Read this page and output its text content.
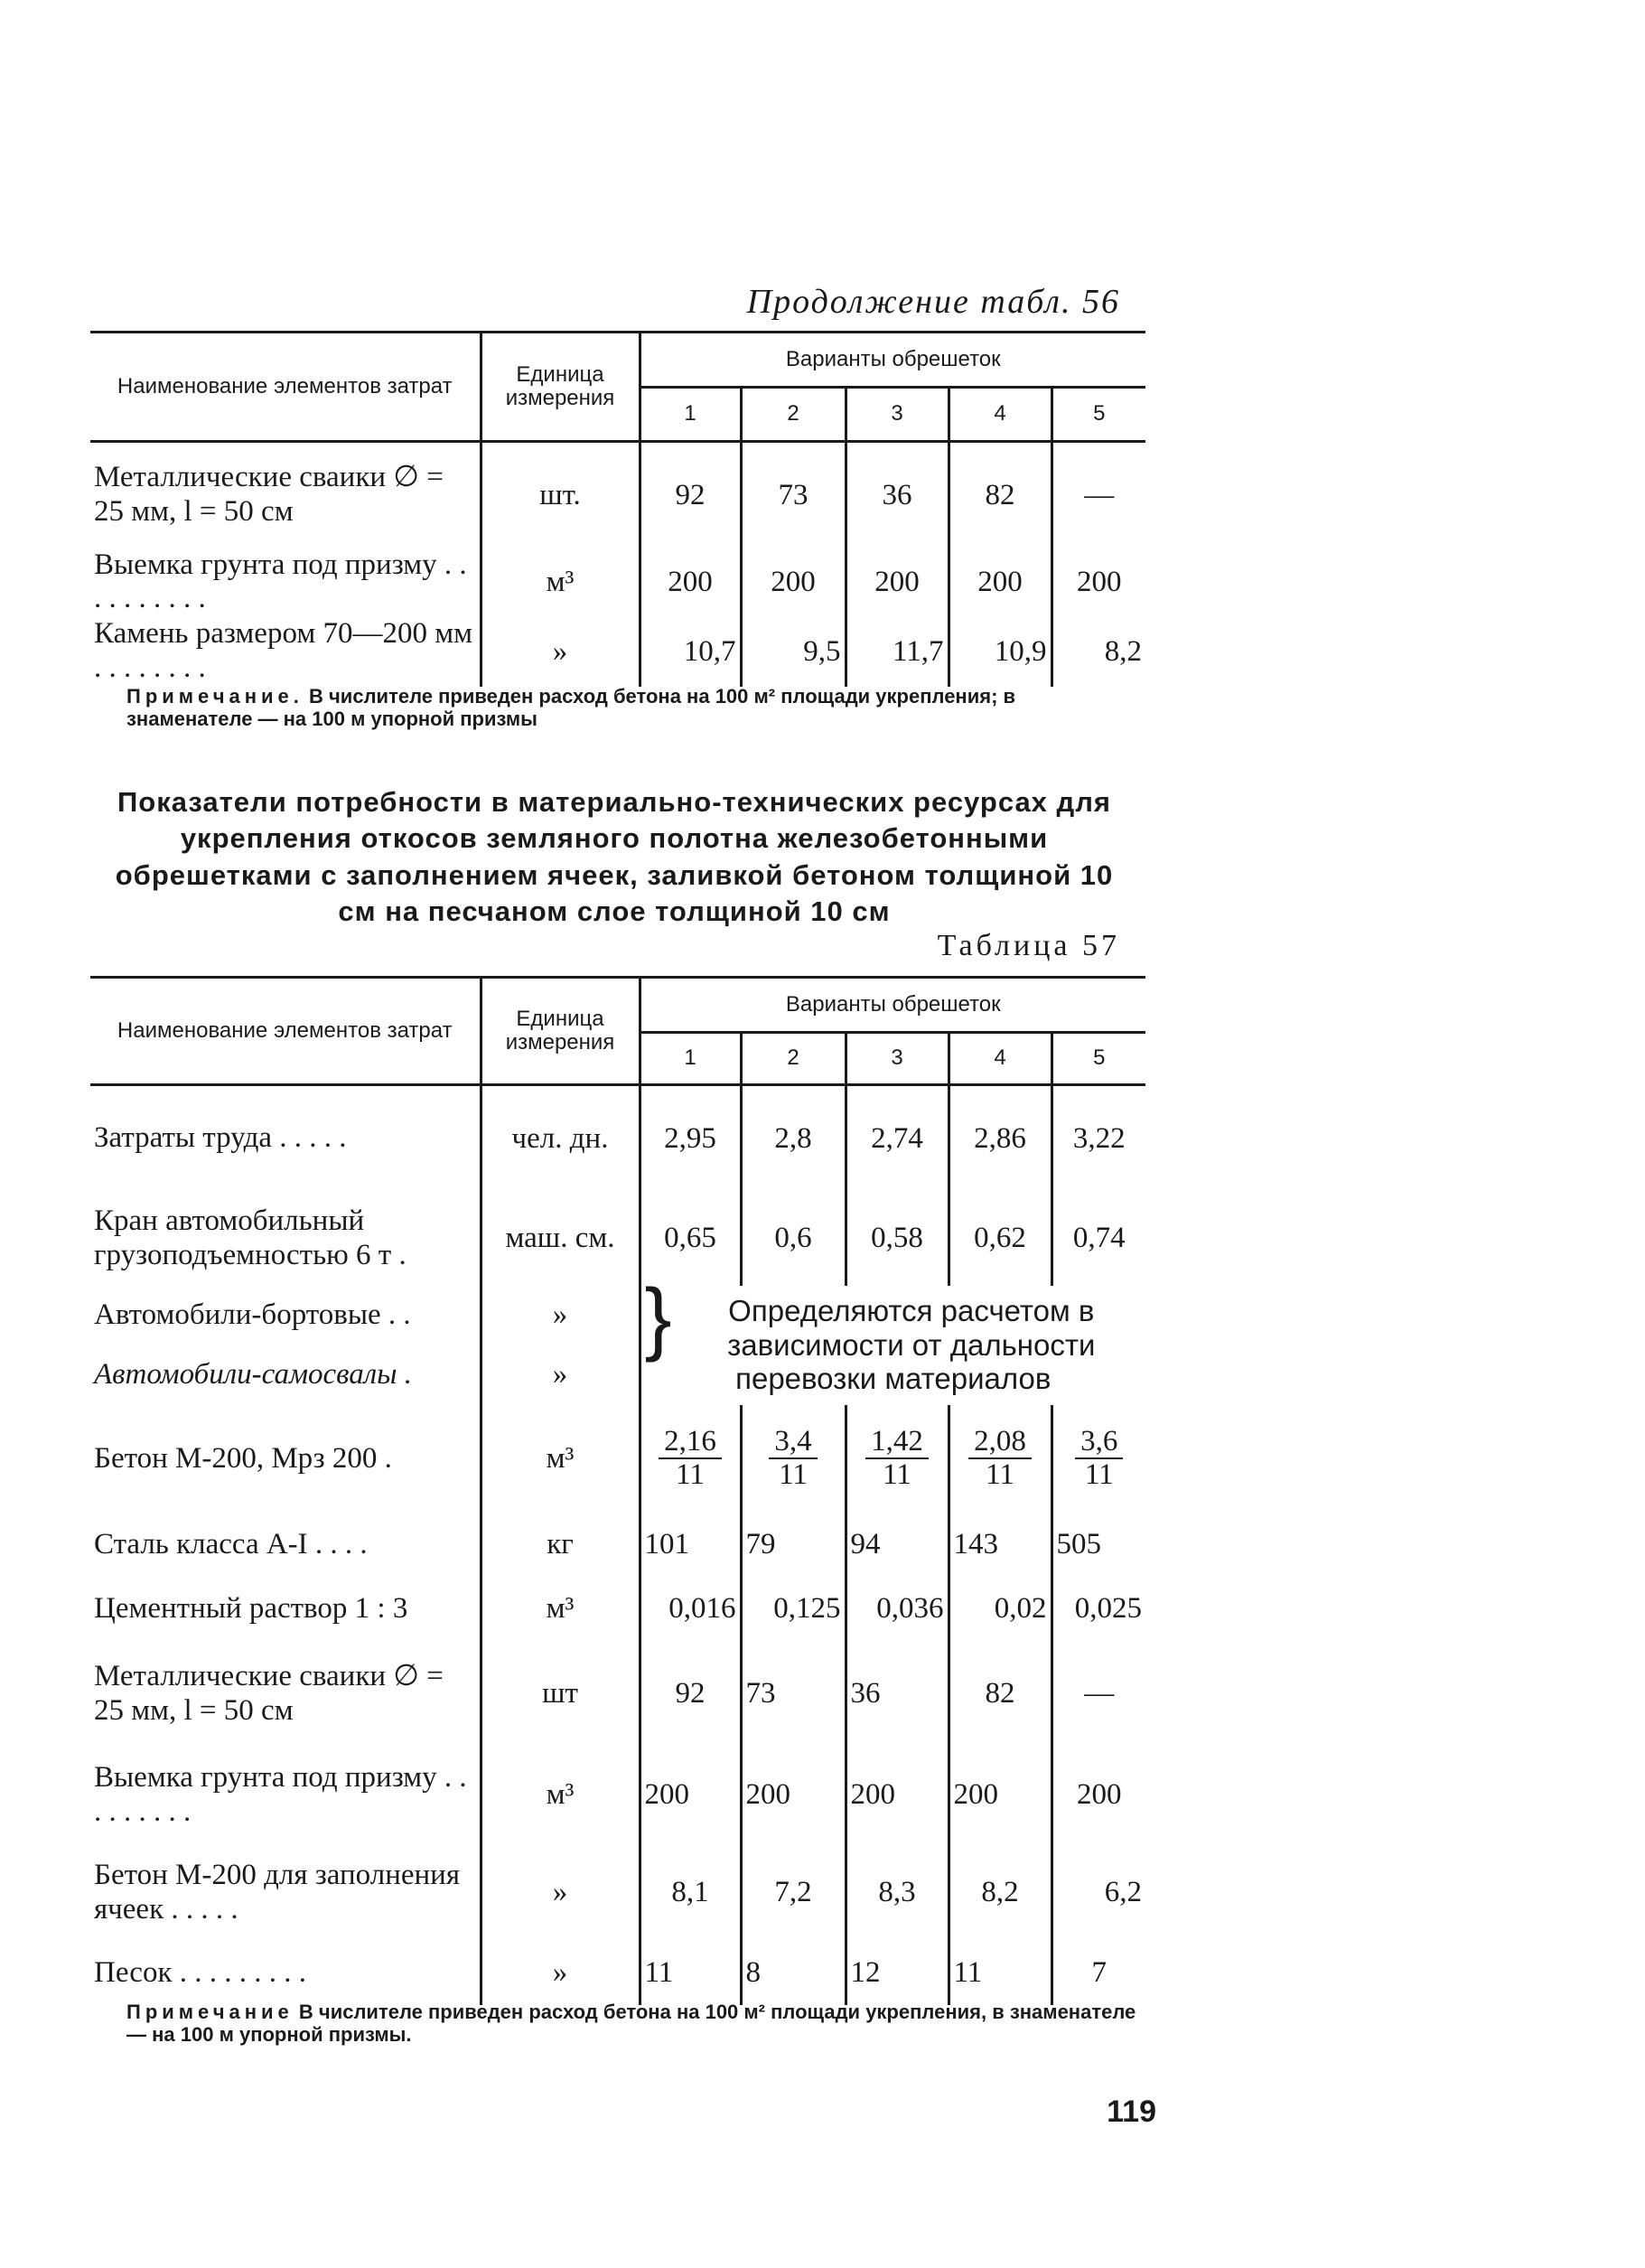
Продолжение табл. 56
Наименование элементов затрат	Единица измерения	Варианты обрешеток				
		1	2	3	4	5
Металлические сваики ∅ = 25 мм, l = 50 см	шт.	92	73	36	82	—
Выемка грунта под призму . . . . . . . . . .	м³	200	200	200	200	200
Камень размером 70—200 мм . . . . . . . .	»	10,7	9,5	11,7	10,9	8,2
Примечание. В числителе приведен расход бетона на 100 м² площади укрепления; в знаменателе — на 100 м упорной призмы
Показатели потребности в материально-технических ресурсах для укрепления откосов земляного полотна железобетонными обрешетками с заполнением ячеек, заливкой бетоном толщиной 10 см на песчаном слое толщиной 10 см
Таблица 57
Наименование элементов затрат	Единица измерения	Варианты обрешеток				
		1	2	3	4	5
Затраты труда . . . . .	чел. дн.	2,95	2,8	2,74	2,86	3,22
Кран автомобильный грузоподъемностью 6 т .	маш. см.	0,65	0,6	0,58	0,62	0,74
Автомобили-бортовые . .	»	} Определяются расчетом в зависимости от дальности перевозки материалов				
Автомобили-самосвалы .	»					
Бетон М-200, Мрз 200 .	м³	$\frac{2,16}{11}$	$\frac{3,4}{11}$	$\frac{1,42}{11}$	$\frac{2,08}{11}$	$\frac{3,6}{11}$

Сталь класса А-I . . . .	кг	101	79	94	143	505
Цементный раствор 1 : 3	м³	0,016	0,125	0,036	0,02	0,025
Металлические сваики ∅ = 25 мм, l = 50 см	шт	92	73	36	82	—
Выемка грунта под призму . . . . . . . . .	м³	200	200	200	200	200
Бетон М-200 для заполнения ячеек . . . . .	»	8,1	7,2	8,3	8,2	6,2
Песок . . . . . . . . .	»	11	8	12	11	7
Примечание В числителе приведен расход бетона на 100 м² площади укрепления, в знаменателе — на 100 м упорной призмы.
119
